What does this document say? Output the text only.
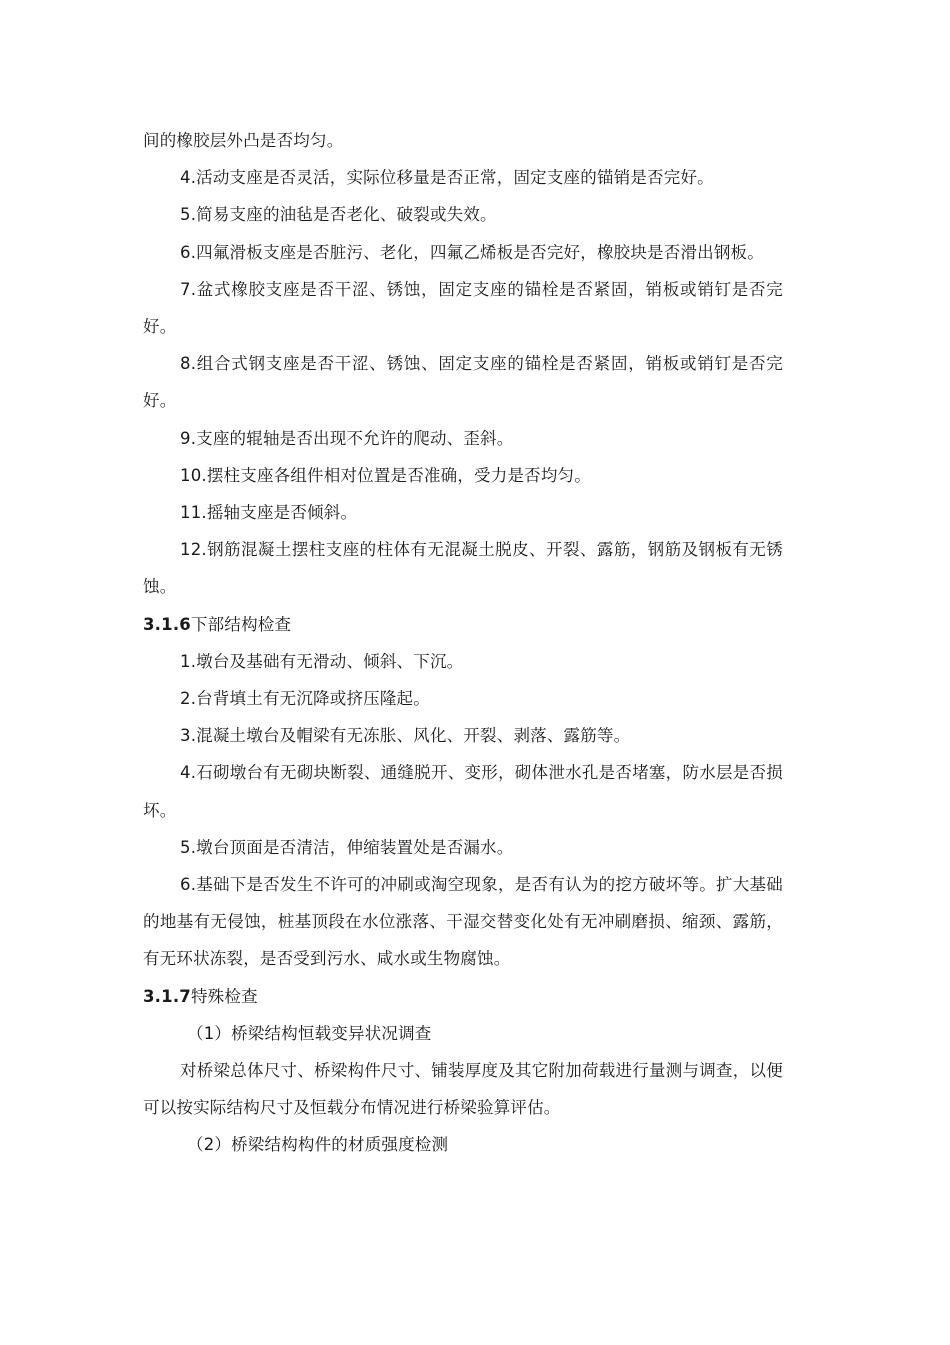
间的橡胶层外凸是否均匀。

4.活动支座是否灵活，实际位移量是否正常，固定支座的锚销是否完好。

5.简易支座的油毡是否老化、破裂或失效。

6.四氟滑板支座是否脏污、老化，四氟乙烯板是否完好，橡胶块是否滑出钢板。

7.盆式橡胶支座是否干涩、锈蚀，固定支座的锚栓是否紧固，销板或销钉是否完好。

8.组合式钢支座是否干涩、锈蚀、固定支座的锚栓是否紧固，销板或销钉是否完好。

9.支座的辊轴是否出现不允许的爬动、歪斜。

10.摆柱支座各组件相对位置是否准确，受力是否均匀。

11.摇轴支座是否倾斜。

12.钢筋混凝土摆柱支座的柱体有无混凝土脱皮、开裂、露筋，钢筋及钢板有无锈蚀。

3.1.6下部结构检查

1.墩台及基础有无滑动、倾斜、下沉。

2.台背填土有无沉降或挤压隆起。

3.混凝土墩台及帽梁有无冻胀、风化、开裂、剥落、露筋等。

4.石砌墩台有无砌块断裂、通缝脱开、变形，砌体泄水孔是否堵塞，防水层是否损坏。

5.墩台顶面是否清洁，伸缩装置处是否漏水。

6.基础下是否发生不许可的冲刷或淘空现象，是否有认为的挖方破坏等。扩大基础的地基有无侵蚀，桩基顶段在水位涨落、干湿交替变化处有无冲刷磨损、缩颈、露筋，有无环状冻裂，是否受到污水、咸水或生物腐蚀。

3.1.7特殊检查

（1）桥梁结构恒载变异状况调查

对桥梁总体尺寸、桥梁构件尺寸、铺装厚度及其它附加荷载进行量测与调查，以便可以按实际结构尺寸及恒载分布情况进行桥梁验算评估。

（2）桥梁结构构件的材质强度检测
